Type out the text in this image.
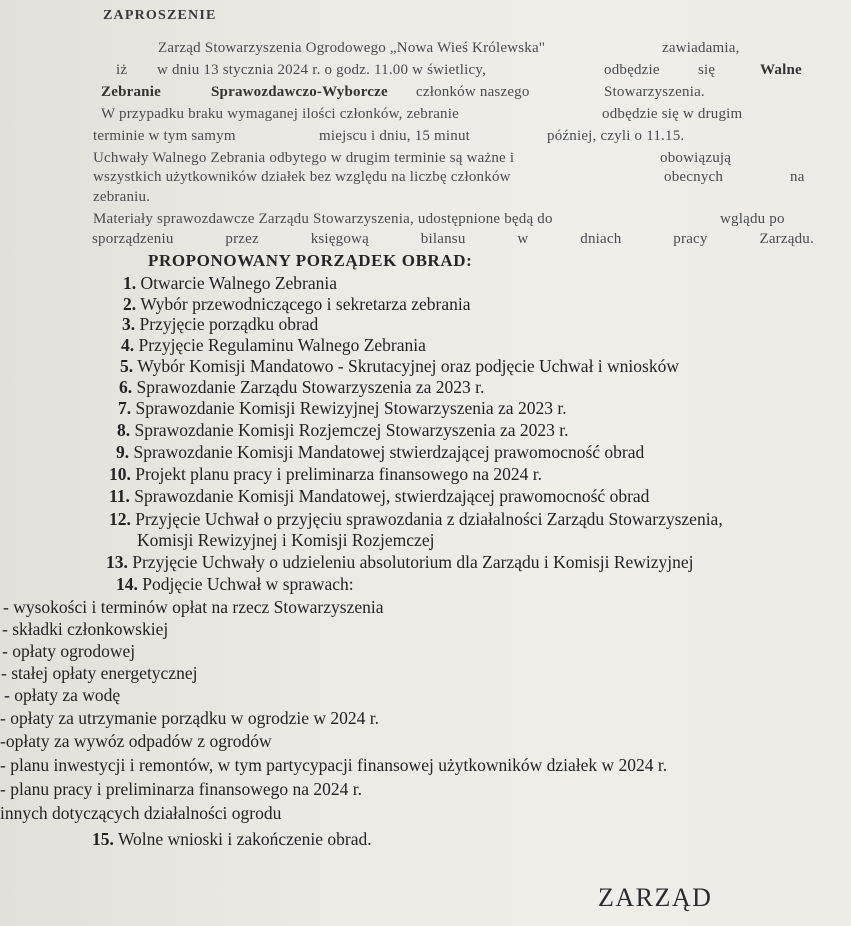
ZAPROSZENIE
Zarząd Stowarzyszenia Ogrodowego „Nowa Wieś Królewska"	zawiadamia,
iż w dniu 13 stycznia 2024 r. o godz. 11.00 w świetlicy,	odbędzie	się	Walne
Zebranie	Sprawozdawczo-Wyborcze członków naszego	Stowarzyszenia.
W przypadku braku wymaganej ilości członków, zebranie	odbędzie się w drugim
terminie w tym samym	miejscu i dniu, 15 minut	później, czyli o 11.15.
Uchwały Walnego Zebrania odbytego w drugim terminie są ważne i	obowiązują
wszystkich użytkowników działek bez względu na liczbę członków	obecnych	na
zebraniu.
Materiały sprawozdawcze Zarządu Stowarzyszenia, udostępnione będą do	wglądu po
sporządzeniu	przez	księgową	bilansu	w	dniach	pracy	Zarządu.
PROPONOWANY PORZĄDEK OBRAD:
1. Otwarcie Walnego Zebrania
2. Wybór przewodniczącego i sekretarza zebrania
3. Przyjęcie porządku obrad
4. Przyjęcie Regulaminu Walnego Zebrania
5. Wybór Komisji Mandatowo - Skrutacyjnej oraz podjęcie Uchwał i wniosków
6. Sprawozdanie Zarządu Stowarzyszenia za 2023 r.
7. Sprawozdanie Komisji Rewizyjnej Stowarzyszenia za 2023 r.
8. Sprawozdanie Komisji Rozjemczej Stowarzyszenia za 2023 r.
9. Sprawozdanie Komisji Mandatowej stwierdzającej prawomocność obrad
10. Projekt planu pracy i preliminarza finansowego na 2024 r.
11. Sprawozdanie Komisji Mandatowej, stwierdzającej prawomocność obrad
12. Przyjęcie Uchwał o przyjęciu sprawozdania z działalności Zarządu Stowarzyszenia,
Komisji Rewizyjnej i Komisji Rozjemczej
13. Przyjęcie Uchwały o udzieleniu absolutorium dla Zarządu i Komisji Rewizyjnej
14. Podjęcie Uchwał w sprawach:
- wysokości i terminów opłat na rzecz Stowarzyszenia
- składki członkowskiej
- opłaty ogrodowej
- stałej opłaty energetycznej
- opłaty za wodę
- opłaty za utrzymanie porządku w ogrodzie w 2024 r.
-opłaty za wywóz odpadów z ogrodów
- planu inwestycji i remontów, w tym partycypacji finansowej użytkowników działek w 2024 r.
- planu pracy i preliminarza finansowego na 2024 r.
innych dotyczących działalności ogrodu
15. Wolne wnioski i zakończenie obrad.
ZARZĄD
